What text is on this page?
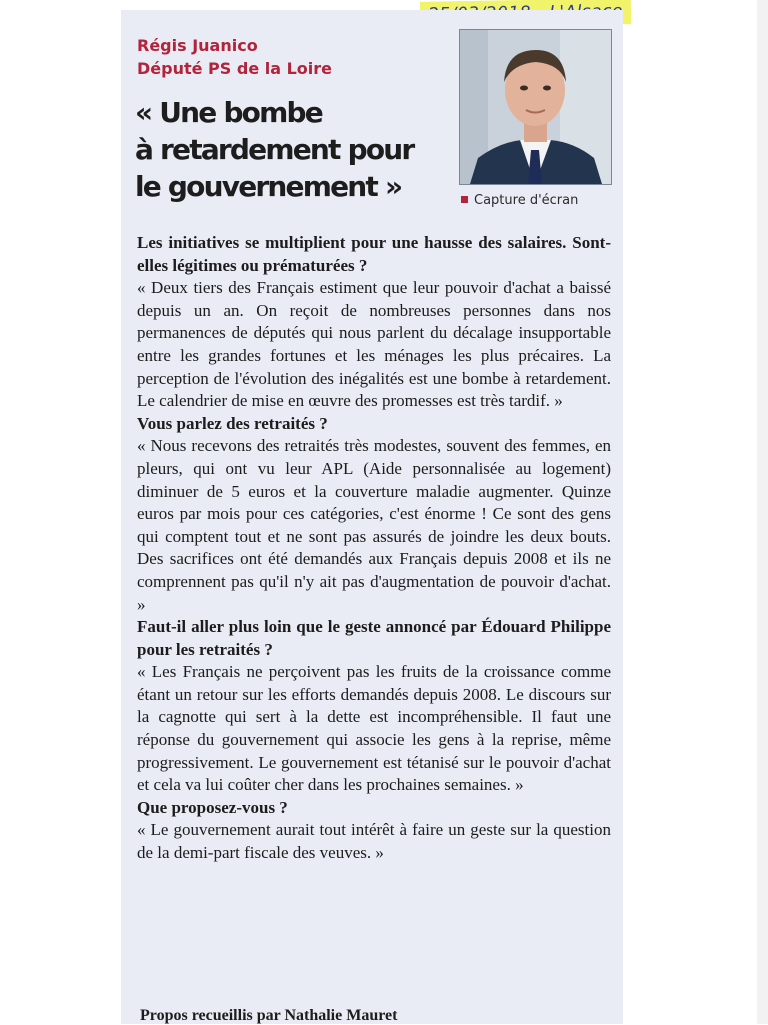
Régis Juanico
Député PS de la Loire
« Une bombe
à retardement pour
le gouvernement »	Capture d'écran

Les initiatives se multiplient pour une hausse des salaires. Sont-elles légitimes ou prématurées ?

« Deux tiers des Français estiment que leur pouvoir d'achat a baissé depuis un an. On reçoit de nombreuses personnes dans nos permanences de députés qui nous parlent du décalage insupportable entre les grandes fortunes et les ménages les plus précaires. La perception de l'évolution des inégalités est une bombe à retardement. Le calendrier de mise en œuvre des promesses est très tardif. »

Vous parlez des retraités ?

« Nous recevons des retraités très modestes, souvent des femmes, en pleurs, qui ont vu leur APL (Aide personnalisée au logement) diminuer de 5 euros et la couverture maladie augmenter. Quinze euros par mois pour ces catégories, c'est énorme ! Ce sont des gens qui comptent tout et ne sont pas assurés de joindre les deux bouts. Des sacrifices ont été demandés aux Français depuis 2008 et ils ne comprennent pas qu'il n'y ait pas d'augmentation de pouvoir d'achat. »

Faut-il aller plus loin que le geste annoncé par Édouard Philippe pour les retraités ?

« Les Français ne perçoivent pas les fruits de la croissance comme étant un retour sur les efforts demandés depuis 2008. Le discours sur la cagnotte qui sert à la dette est incompréhensible. Il faut une réponse du gouvernement qui associe les gens à la reprise, même progressivement. Le gouvernement est tétanisé sur le pouvoir d'achat et cela va lui coûter cher dans les prochaines semaines. »

Que proposez-vous ?

« Le gouvernement aurait tout intérêt à faire un geste sur la question de la demi-part fiscale des veuves. »

Propos recueillis par Nathalie Mauret
